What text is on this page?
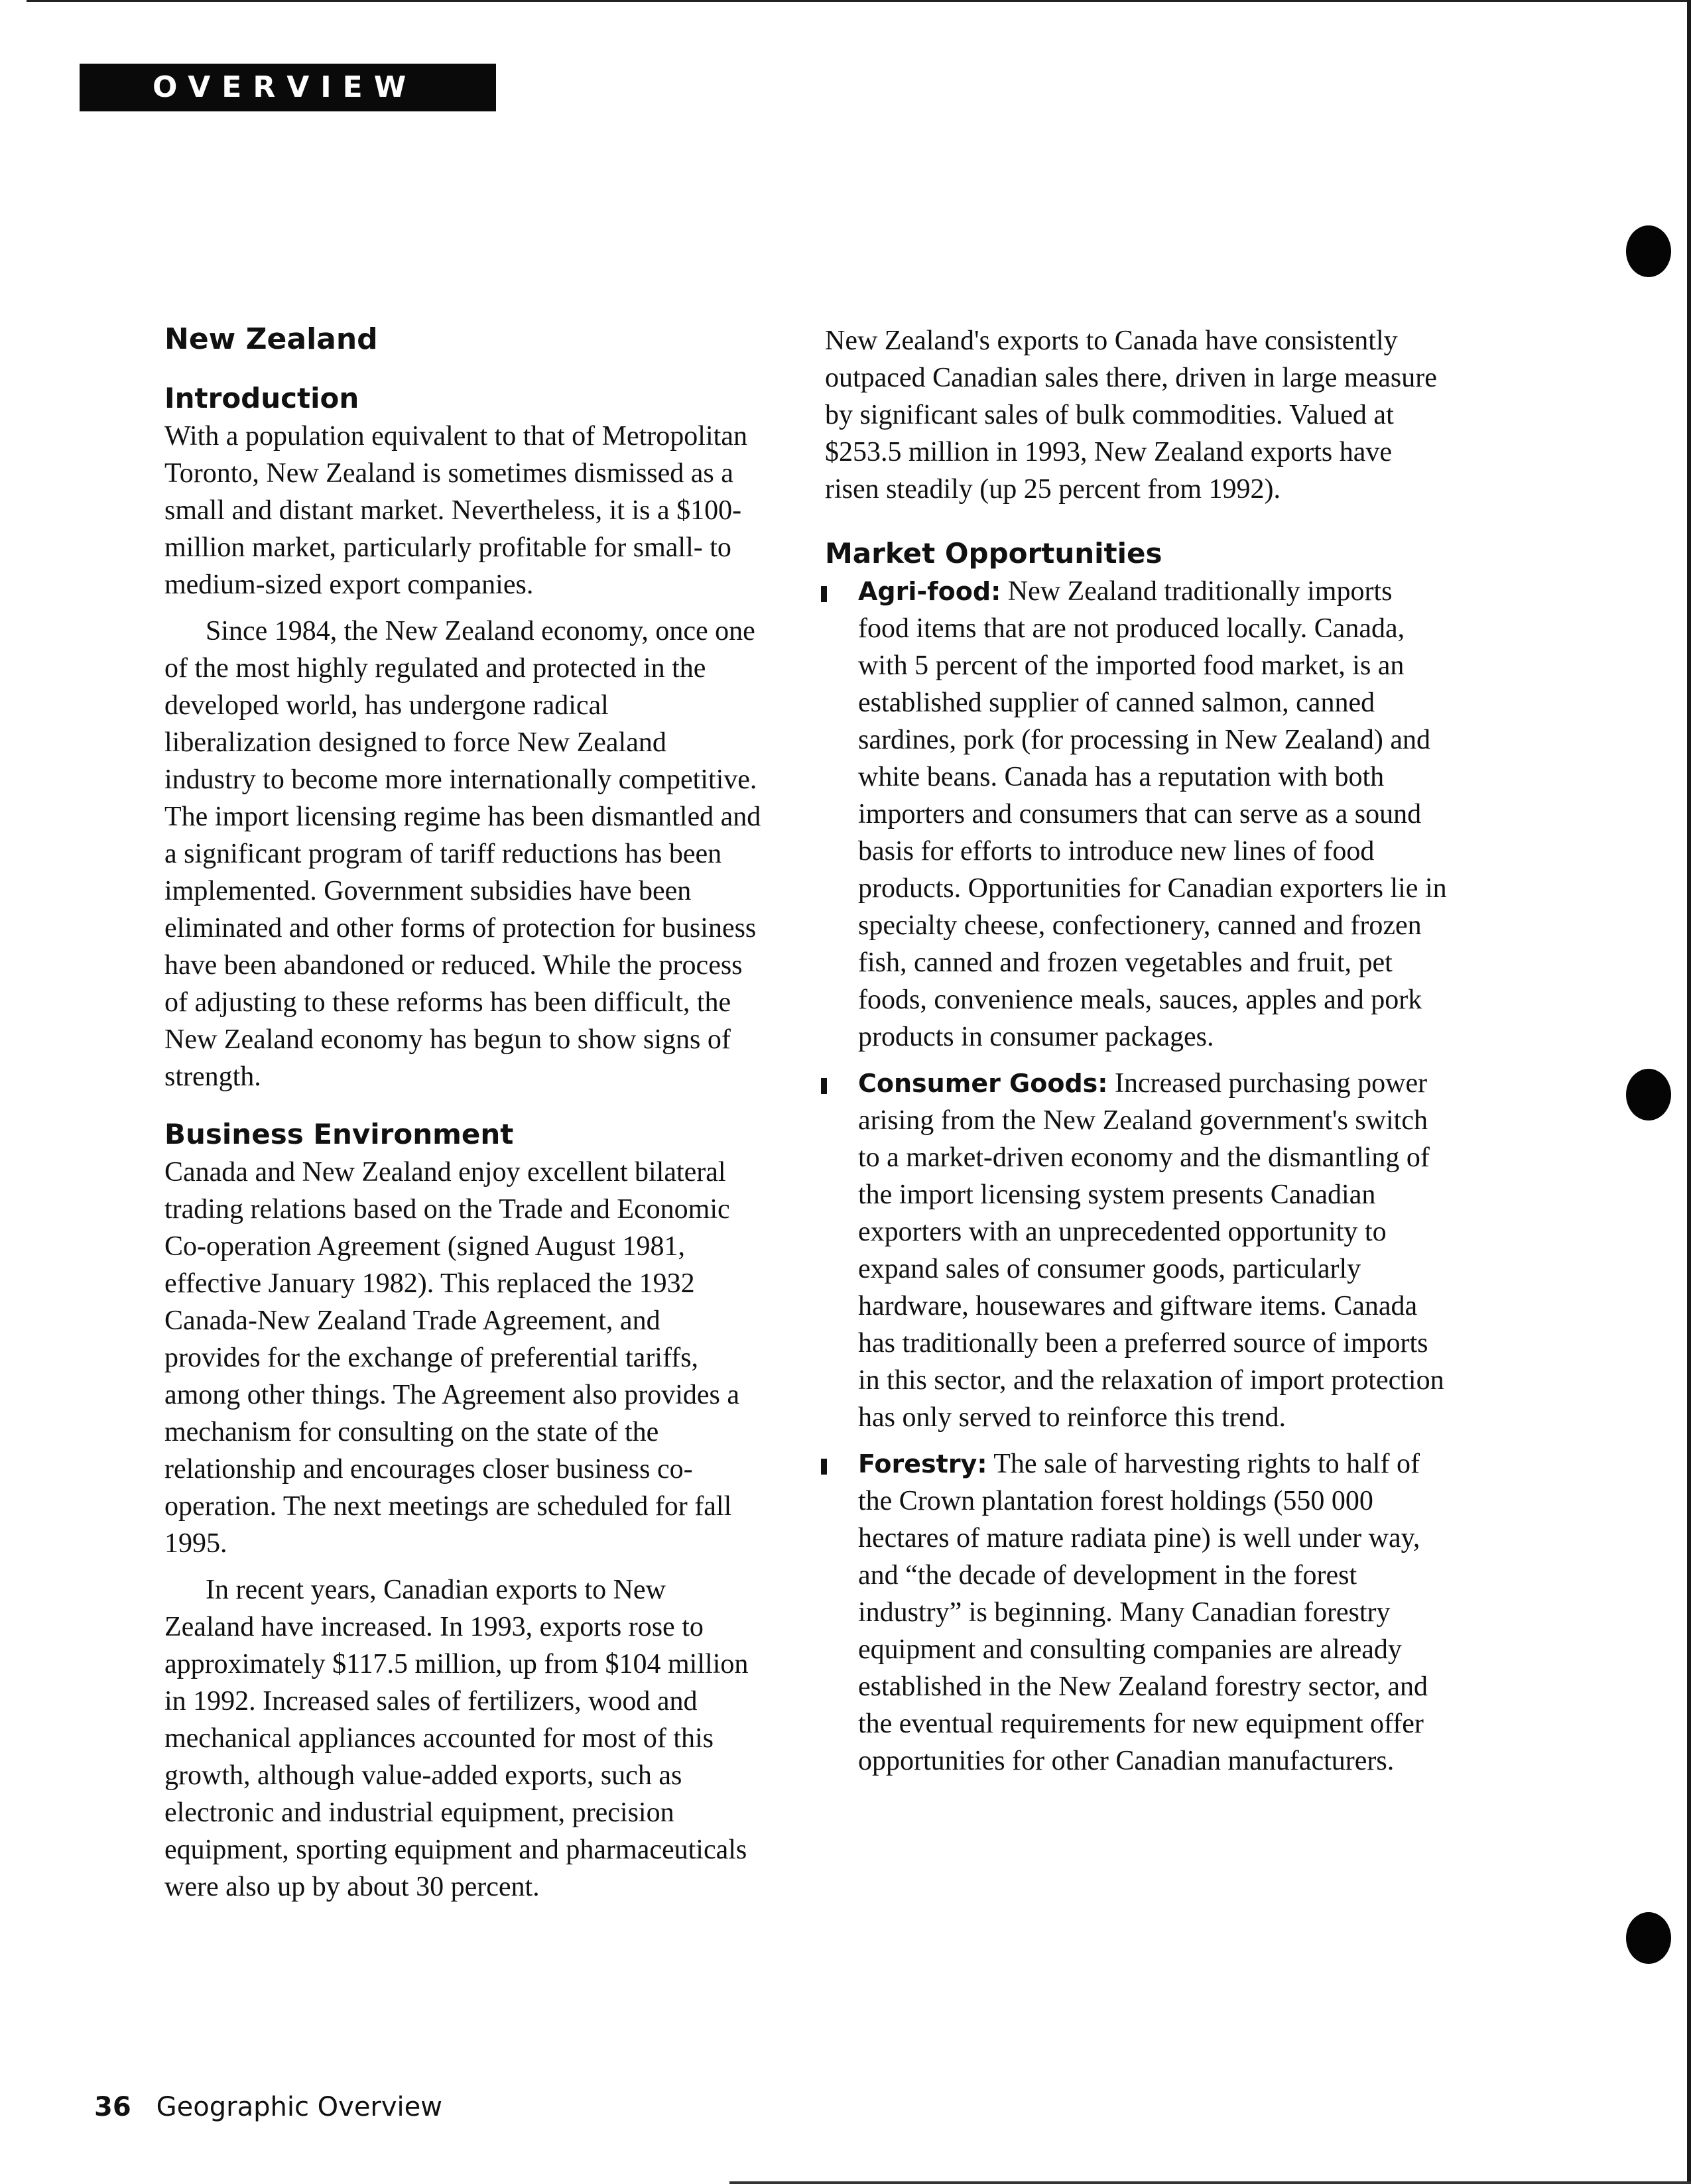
OVERVIEW
New Zealand
Introduction

With a population equivalent to that of Metropolitan Toronto, New Zealand is sometimes dismissed as a small and distant market. Nevertheless, it is a $100-million market, particularly profitable for small- to medium-sized export companies.

Since 1984, the New Zealand economy, once one of the most highly regulated and protected in the developed world, has undergone radical liberalization designed to force New Zealand industry to become more internationally competitive. The import licensing regime has been dismantled and a significant program of tariff reductions has been implemented. Government subsidies have been eliminated and other forms of protection for business have been abandoned or reduced. While the process of adjusting to these reforms has been difficult, the New Zealand economy has begun to show signs of strength.

Business Environment

Canada and New Zealand enjoy excellent bilateral trading relations based on the Trade and Economic Co-operation Agreement (signed August 1981, effective January 1982). This replaced the 1932 Canada-New Zealand Trade Agreement, and provides for the exchange of preferential tariffs, among other things. The Agreement also provides a mechanism for consulting on the state of the relationship and encourages closer business co-operation. The next meetings are scheduled for fall 1995.

In recent years, Canadian exports to New Zealand have increased. In 1993, exports rose to approximately $117.5 million, up from $104 million in 1992. Increased sales of fertilizers, wood and mechanical appliances accounted for most of this growth, although value-added exports, such as electronic and industrial equipment, precision equipment, sporting equipment and pharmaceuticals were also up by about 30 percent.

New Zealand's exports to Canada have consistently outpaced Canadian sales there, driven in large measure by significant sales of bulk commodities. Valued at $253.5 million in 1993, New Zealand exports have risen steadily (up 25 percent from 1992).

Market Opportunities
Agri-food: New Zealand traditionally imports food items that are not produced locally. Canada, with 5 percent of the imported food market, is an established supplier of canned salmon, canned sardines, pork (for processing in New Zealand) and white beans. Canada has a reputation with both importers and consumers that can serve as a sound basis for efforts to introduce new lines of food products. Opportunities for Canadian exporters lie in specialty cheese, confectionery, canned and frozen fish, canned and frozen vegetables and fruit, pet foods, convenience meals, sauces, apples and pork products in consumer packages.
Consumer Goods: Increased purchasing power arising from the New Zealand government's switch to a market-driven economy and the dismantling of the import licensing system presents Canadian exporters with an unprecedented opportunity to expand sales of consumer goods, particularly hardware, housewares and giftware items. Canada has traditionally been a preferred source of imports in this sector, and the relaxation of import protection has only served to reinforce this trend.
Forestry: The sale of harvesting rights to half of the Crown plantation forest holdings (550 000 hectares of mature radiata pine) is well under way, and “the decade of development in the forest industry” is beginning. Many Canadian forestry equipment and consulting companies are already established in the New Zealand forestry sector, and the eventual requirements for new equipment offer opportunities for other Canadian manufacturers.
36 Geographic Overview
